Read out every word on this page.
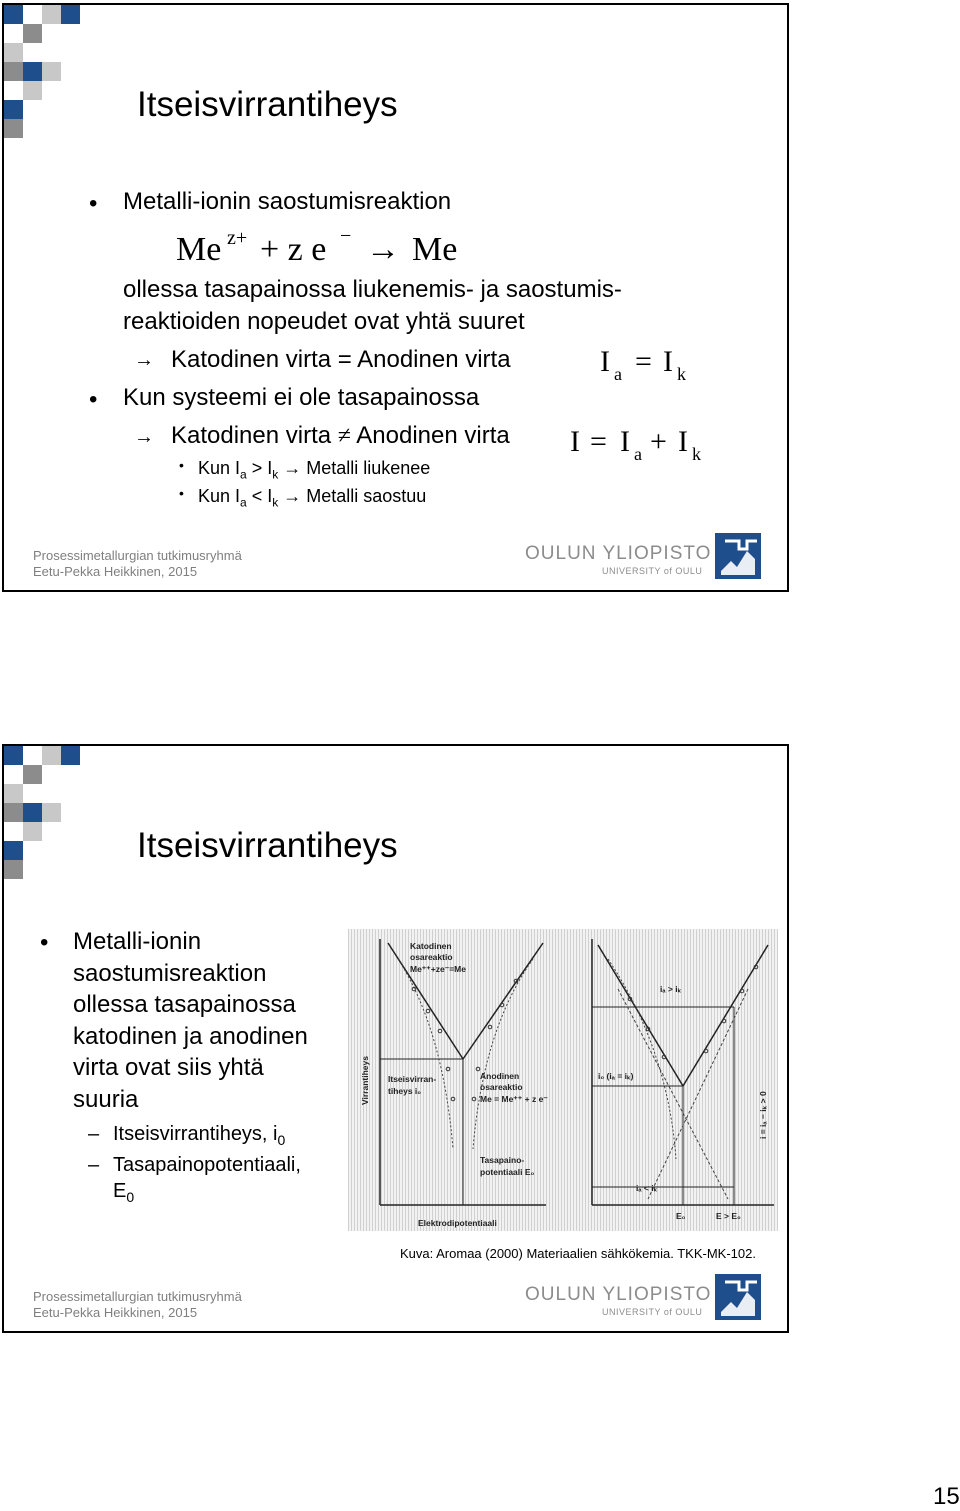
Itseisvirrantiheys
• Metalli-ionin saostumisreaktion
Me z+ + z e − → Me
ollessa tasapainossa liukenemis- ja saostumis-
reaktioiden nopeudet ovat yhtä suuret
→ Katodinen virta = Anodinen virta	I a = I k
• Kun systeemi ei ole tasapainossa
→ Katodinen virta ≠ Anodinen virta I = I a + I k
• Kun $I_a > I_k$ → Metalli liukenee
• Kun $I_a < I_k$ → Metalli saostuu
Prosessimetallurgian tutkimusryhmä
Eetu-Pekka Heikkinen, 2015
OULUN YLIOPISTO
UNIVERSITY of OULU
Itseisvirrantiheys
• Metalli-ionin
saostumisreaktion
ollessa tasapainossa
katodinen ja anodinen
virta ovat siis yhtä
suuria
– Itseisvirrantiheys, $i_0$
– Tasapainopotentiaali,
$E_0$
Virrantiheys
Elektrodipotentiaali
Katodinen
osareaktio
Me⁺⁺+ze⁻=Me
Itseisvirran-
tiheys i₀
Anodinen
osareaktio
Me = Me⁺⁺ + z e⁻
Tasapaino-
potentiaali E₀
iₐ > iₖ
i₀ (iₐ = iₖ)
iₐ < iₖ
E₀	E > E₀
i = iₐ − iₖ > 0
Kuva: Aromaa (2000) Materiaalien sähkökemia. TKK-MK-102.
Prosessimetallurgian tutkimusryhmä
Eetu-Pekka Heikkinen, 2015
OULUN YLIOPISTO
UNIVERSITY of OULU
15
